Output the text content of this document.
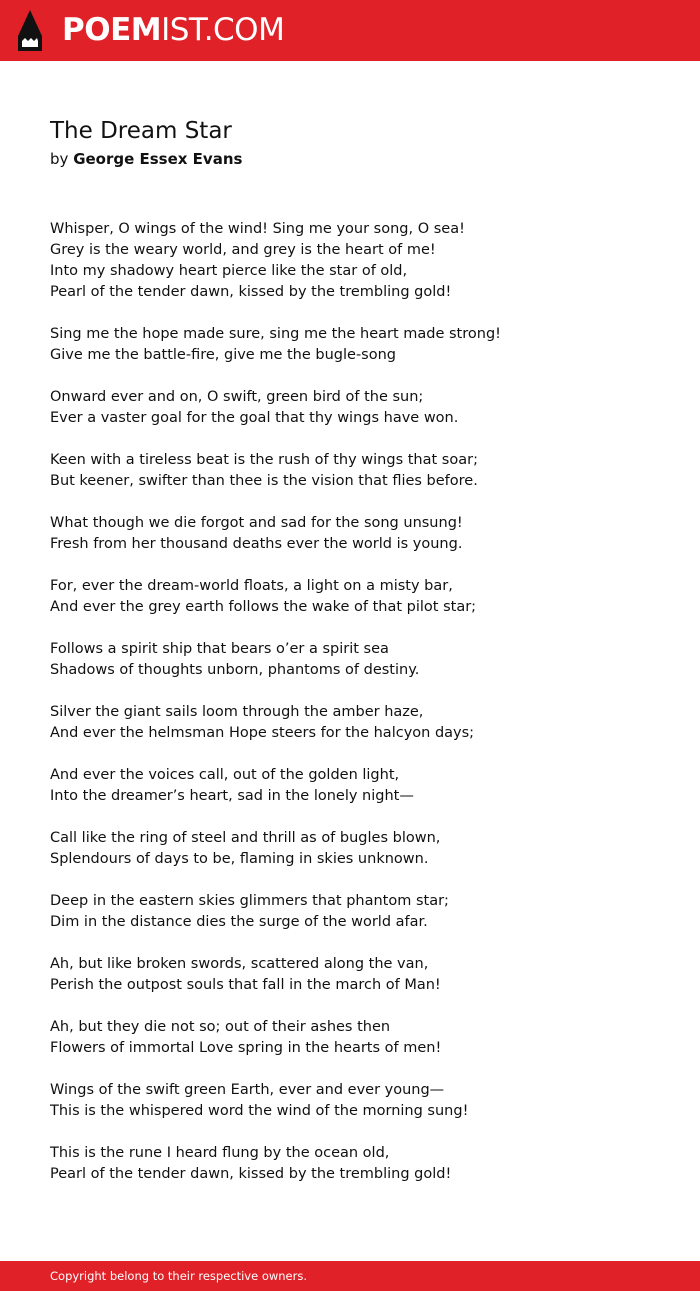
POEMIST.COM
The Dream Star
by George Essex Evans
Whisper, O wings of the wind! Sing me your song, O sea!
Grey is the weary world, and grey is the heart of me!
Into my shadowy heart pierce like the star of old,
Pearl of the tender dawn, kissed by the trembling gold!
Sing me the hope made sure, sing me the heart made strong!
Give me the battle-fire, give me the bugle-song
Onward ever and on, O swift, green bird of the sun;
Ever a vaster goal for the goal that thy wings have won.
Keen with a tireless beat is the rush of thy wings that soar;
But keener, swifter than thee is the vision that flies before.
What though we die forgot and sad for the song unsung!
Fresh from her thousand deaths ever the world is young.
For, ever the dream-world floats, a light on a misty bar,
And ever the grey earth follows the wake of that pilot star;
Follows a spirit ship that bears o’er a spirit sea
Shadows of thoughts unborn, phantoms of destiny.
Silver the giant sails loom through the amber haze,
And ever the helmsman Hope steers for the halcyon days;
And ever the voices call, out of the golden light,
Into the dreamer’s heart, sad in the lonely night—
Call like the ring of steel and thrill as of bugles blown,
Splendours of days to be, flaming in skies unknown.
Deep in the eastern skies glimmers that phantom star;
Dim in the distance dies the surge of the world afar.
Ah, but like broken swords, scattered along the van,
Perish the outpost souls that fall in the march of Man!
Ah, but they die not so; out of their ashes then
Flowers of immortal Love spring in the hearts of men!
Wings of the swift green Earth, ever and ever young—
This is the whispered word the wind of the morning sung!
This is the rune I heard flung by the ocean old,
Pearl of the tender dawn, kissed by the trembling gold!
Copyright belong to their respective owners.
